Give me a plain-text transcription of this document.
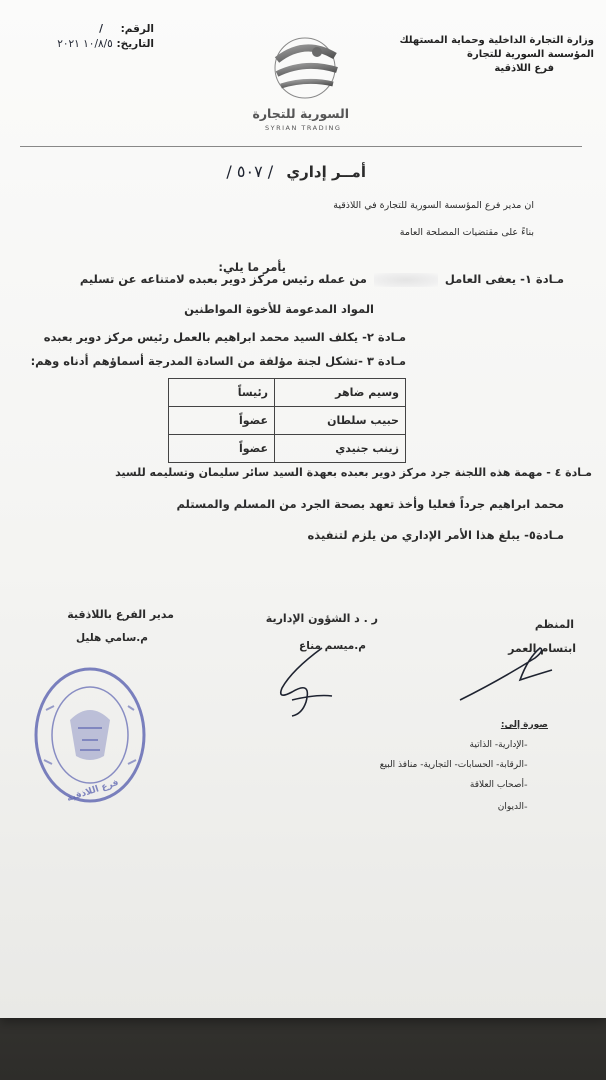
وزارة التجارة الداخلية وحماية المستهلك
المؤسسة السورية للتجارة
فرع اللاذقية
الرقم: /
التاريخ: ١٠/٨/٥ ٢٠٢١
السورية للتجارة
SYRIAN TRADING
أمــر إداري / ٥٠٧ /
ان مدير فرع المؤسسة السورية للتجارة في اللاذقية
بناءً على مقتضيات المصلحة العامة
يأمر ما يلي:
مـادة ١- يعفى العامل  من عمله رئيس مركز دوير بعبده لامتناعه عن تسليم
المواد المدعومة للأخوة المواطنين
مـادة ٢- يكلف السيد محمد ابراهيم بالعمل رئيس مركز دوير بعبده
مـادة ٣ -تشكل لجنة مؤلفة من السادة المدرجة أسماؤهم أدناه وهم:
وسيم ضاهر	رئيساً
حبيب سلطان	عضواً
زينب جنيدي	عضواً
مـادة ٤ - مهمة هذه اللجنة جرد مركز دوير بعبده بعهدة السيد سائر سليمان وتسليمه للسيد
محمد ابراهيم جرداً فعليا وأخذ تعهد بصحة الجرد من المسلم والمستلم
مـادة٥- يبلغ هذا الأمر الإداري من يلزم لتنفيذه
المنظم
ابتسام العمر
ر . د الشؤون الإدارية
م.ميسم مناع
مدير الفرع باللاذقية
م.سامي هليل
فرع اللاذقية
صورة إلى:
الإدارية- الذاتية -
الرقابة- الحسابات- التجارية- منافذ البيع -
أصحاب العلاقة -
الديوان -
